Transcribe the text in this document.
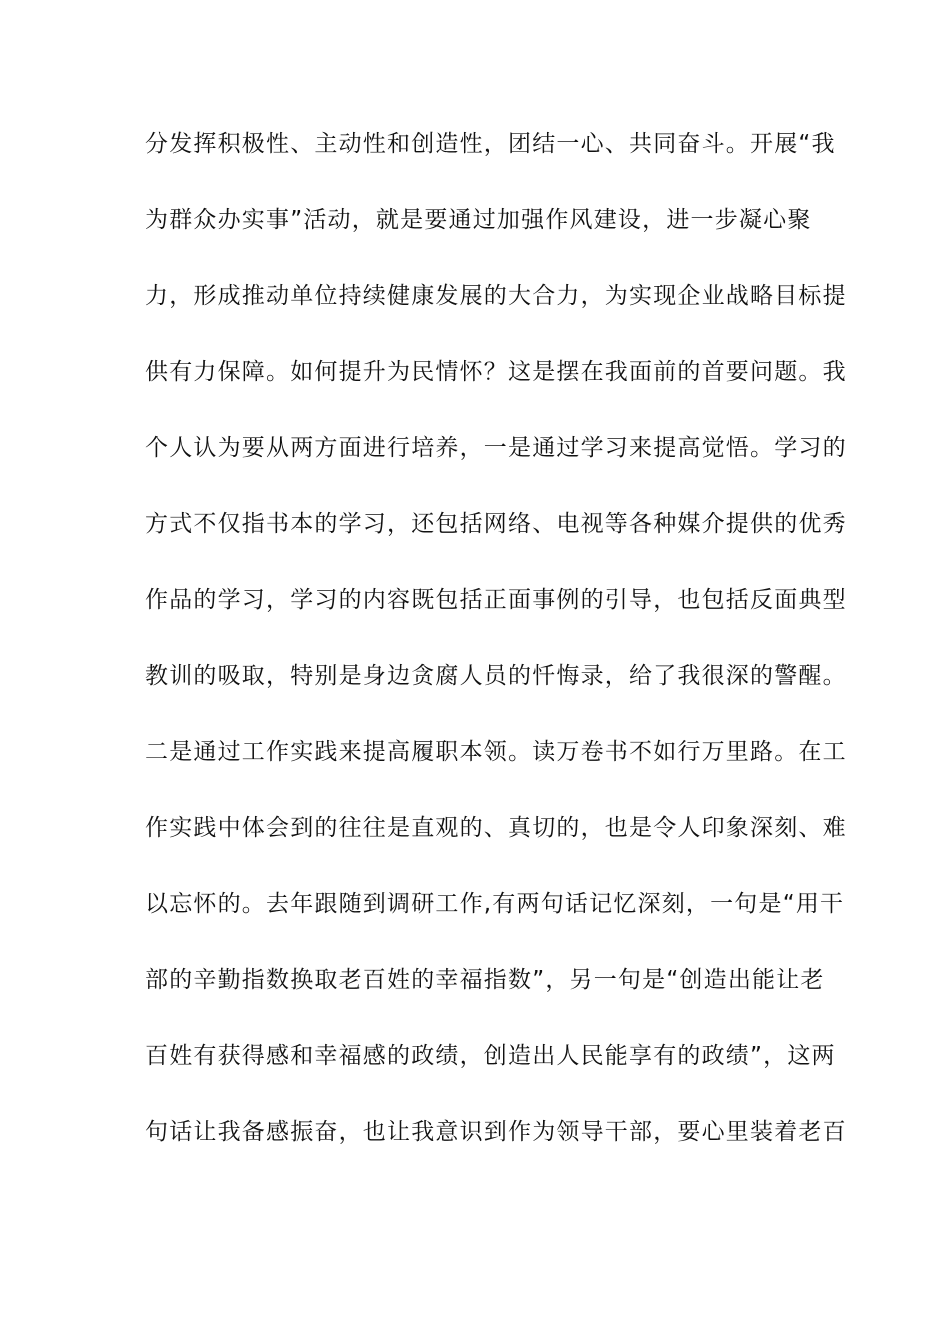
分发挥积极性、主动性和创造性，团结一心、共同奋斗。开展“我
为群众办实事”活动，就是要通过加强作风建设，进一步凝心聚
力，形成推动单位持续健康发展的大合力，为实现企业战略目标提
供有力保障。如何提升为民情怀？这是摆在我面前的首要问题。我
个人认为要从两方面进行培养，一是通过学习来提高觉悟。学习的
方式不仅指书本的学习，还包括网络、电视等各种媒介提供的优秀
作品的学习，学习的内容既包括正面事例的引导，也包括反面典型
教训的吸取，特别是身边贪腐人员的忏悔录，给了我很深的警醒。
二是通过工作实践来提高履职本领。读万卷书不如行万里路。在工
作实践中体会到的往往是直观的、真切的，也是令人印象深刻、难
以忘怀的。去年跟随到调研工作,有两句话记忆深刻，一句是“用干
部的辛勤指数换取老百姓的幸福指数”，另一句是“创造出能让老
百姓有获得感和幸福感的政绩，创造出人民能享有的政绩”，这两
句话让我备感振奋，也让我意识到作为领导干部，要心里装着老百
